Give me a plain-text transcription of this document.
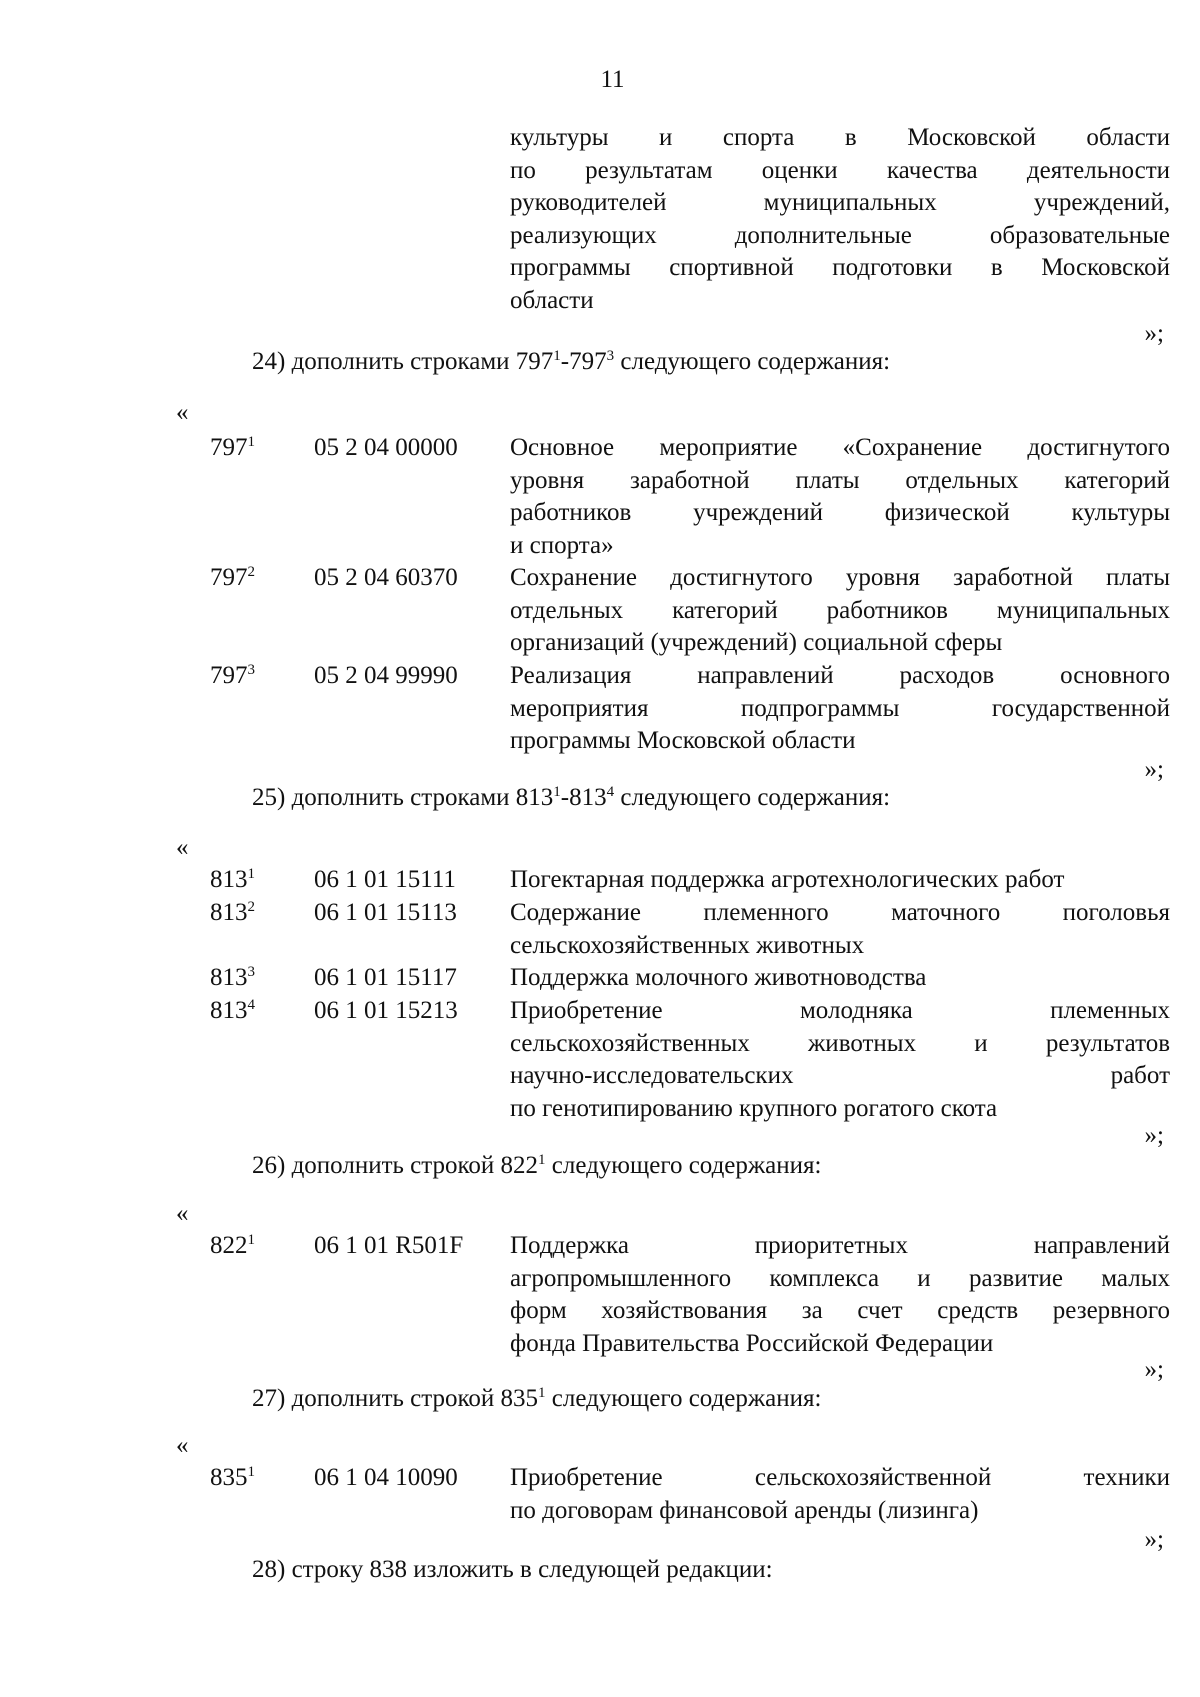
11
культуры и спорта в Московской области
по результатам оценки качества деятельности
руководителей муниципальных учреждений,
реализующих дополнительные образовательные
программы спортивной подготовки в Московской
области
»;
24) дополнить строками $797^1-797^3$ следующего содержания:
«
$797^1$ 05 2 04 00000 Основное мероприятие «Сохранение достигнутого
уровня заработной платы отдельных категорий
работников учреждений физической культуры
и спорта»
$797^2$ 05 2 04 60370 Сохранение достигнутого уровня заработной платы
отдельных категорий работников муниципальных
организаций (учреждений) социальной сферы
$797^3$ 05 2 04 99990 Реализация направлений расходов основного
мероприятия подпрограммы государственной
программы Московской области
»;
25) дополнить строками $813^1-813^4$ следующего содержания:
«
$813^1$ 06 1 01 15111 Погектарная поддержка агротехнологических работ
$813^2$ 06 1 01 15113 Содержание племенного маточного поголовья
сельскохозяйственных животных
$813^3$ 06 1 01 15117 Поддержка молочного животноводства
$813^4$ 06 1 01 15213 Приобретение молодняка племенных
сельскохозяйственных животных и результатов
научно-исследовательских работ
по генотипированию крупного рогатого скота
»;
26) дополнить строкой $822^1$ следующего содержания:
«
$822^1$ 06 1 01 R501F Поддержка приоритетных направлений
агропромышленного комплекса и развитие малых
форм хозяйствования за счет средств резервного
фонда Правительства Российской Федерации
»;
27) дополнить строкой $835^1$ следующего содержания:
«
$835^1$ 06 1 04 10090 Приобретение сельскохозяйственной техники
по договорам финансовой аренды (лизинга)
»;
28) строку 838 изложить в следующей редакции:
